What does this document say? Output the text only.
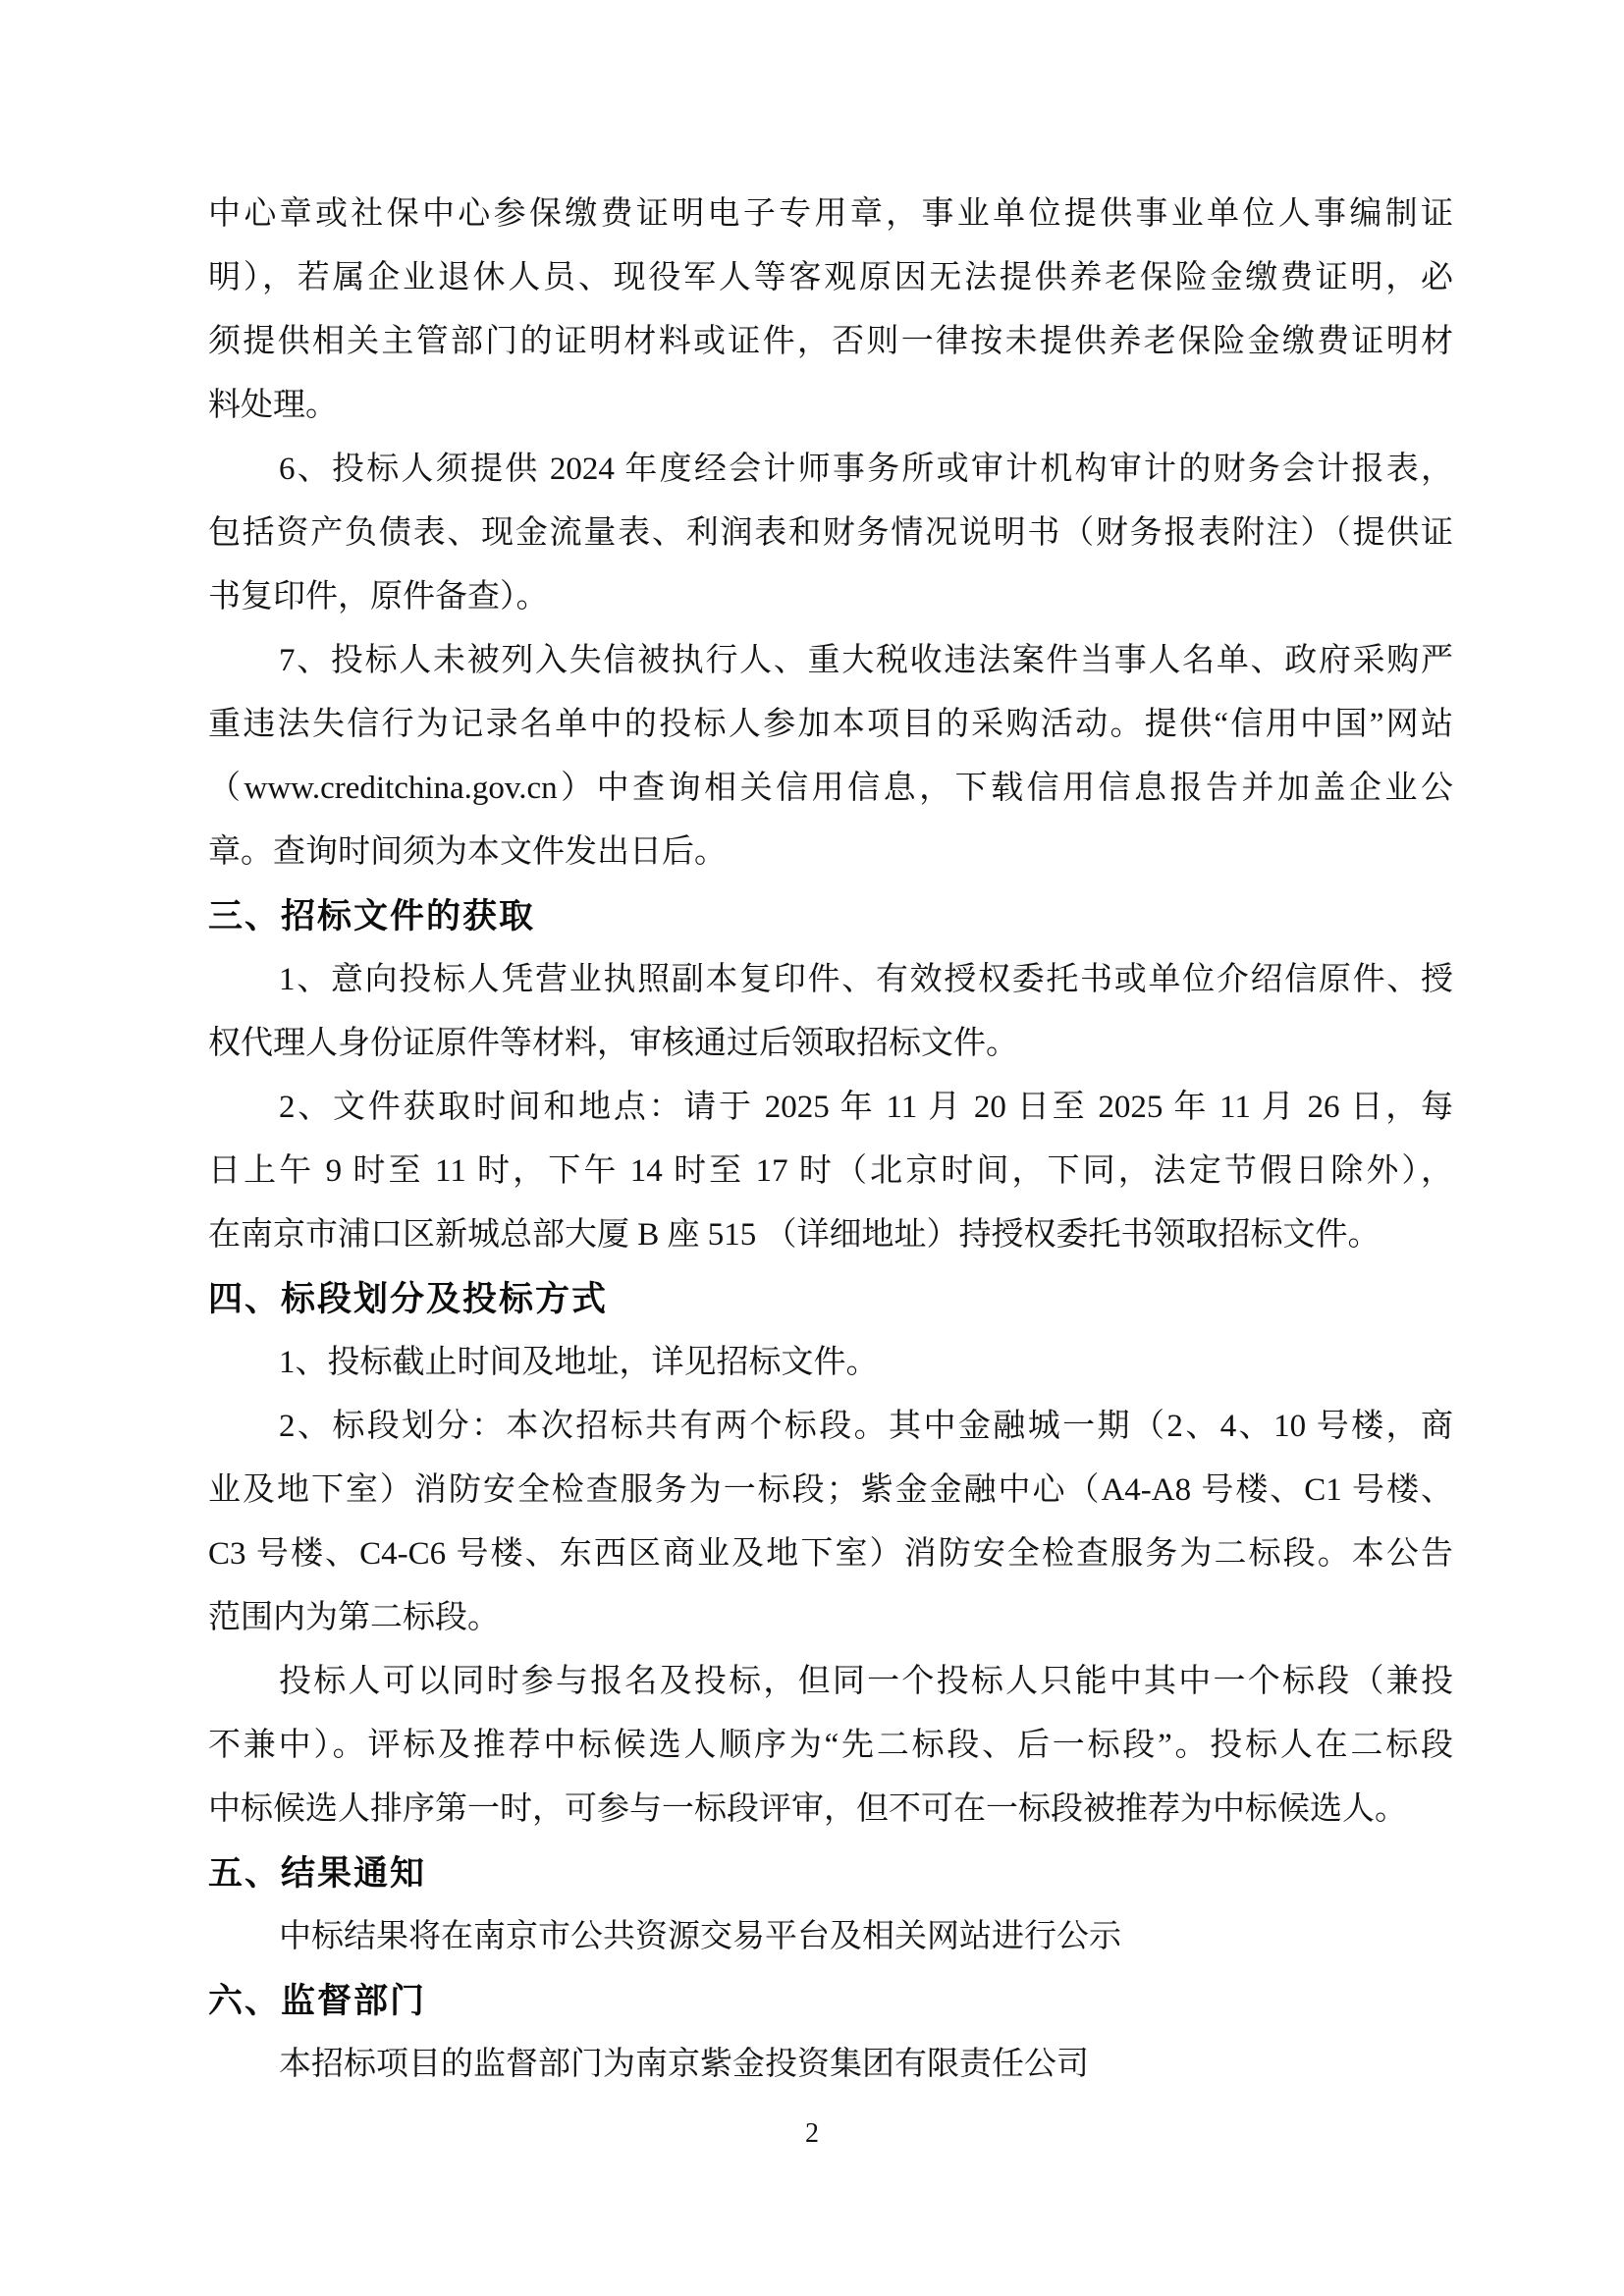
中心章或社保中心参保缴费证明电子专用章，事业单位提供事业单位人事编制证
明），若属企业退休人员、现役军人等客观原因无法提供养老保险金缴费证明，必
须提供相关主管部门的证明材料或证件，否则一律按未提供养老保险金缴费证明材
料处理。
6、投标人须提供 2024 年度经会计师事务所或审计机构审计的财务会计报表，
包括资产负债表、现金流量表、利润表和财务情况说明书（财务报表附注）（提供证
书复印件，原件备查）。
7、投标人未被列入失信被执行人、重大税收违法案件当事人名单、政府采购严
重违法失信行为记录名单中的投标人参加本项目的采购活动。提供“信用中国”网站
（www.creditchina.gov.cn）中查询相关信用信息，下载信用信息报告并加盖企业公
章。查询时间须为本文件发出日后。
三、招标文件的获取
1、意向投标人凭营业执照副本复印件、有效授权委托书或单位介绍信原件、授
权代理人身份证原件等材料，审核通过后领取招标文件。
2、文件获取时间和地点：请于 2025 年 11 月 20 日至 2025 年 11 月 26 日，每
日上午 9 时至 11 时，下午 14 时至 17 时（北京时间，下同，法定节假日除外），
在南京市浦口区新城总部大厦 B 座 515 （详细地址）持授权委托书领取招标文件。
四、标段划分及投标方式
1、投标截止时间及地址，详见招标文件。
2、标段划分：本次招标共有两个标段。其中金融城一期（2、4、10 号楼，商
业及地下室）消防安全检查服务为一标段；紫金金融中心（A4-A8 号楼、C1 号楼、
C3 号楼、C4-C6 号楼、东西区商业及地下室）消防安全检查服务为二标段。本公告
范围内为第二标段。
投标人可以同时参与报名及投标，但同一个投标人只能中其中一个标段（兼投
不兼中）。评标及推荐中标候选人顺序为“先二标段、后一标段”。投标人在二标段
中标候选人排序第一时，可参与一标段评审，但不可在一标段被推荐为中标候选人。
五、结果通知
中标结果将在南京市公共资源交易平台及相关网站进行公示
六、监督部门
本招标项目的监督部门为南京紫金投资集团有限责任公司
2
